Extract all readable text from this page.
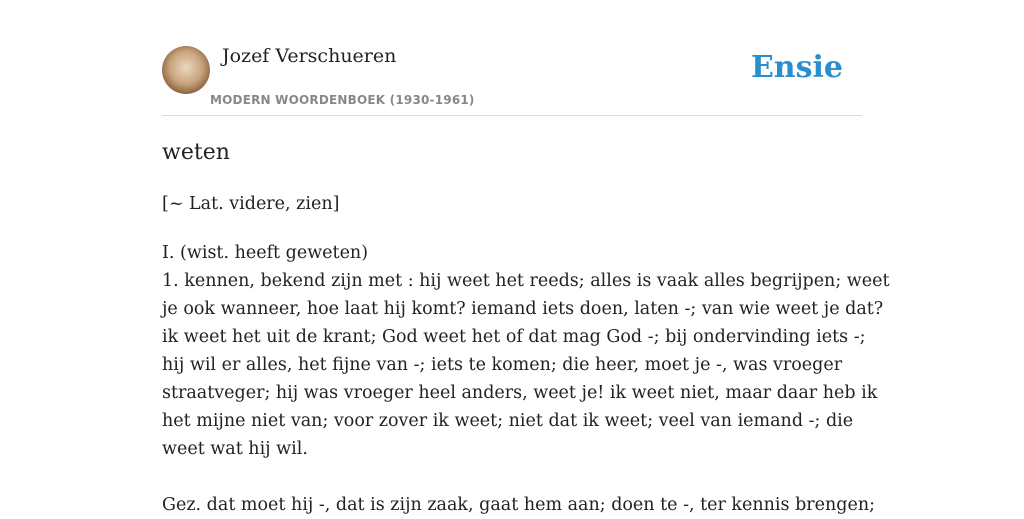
Jozef Verschueren
MODERN WOORDENBOEK (1930-1961)
Ensie
weten
[~ Lat. videre, zien]
I. (wist. heeft geweten)
1. kennen, bekend zijn met : hij weet het reeds; alles is vaak alles begrijpen; weet
je ook wanneer, hoe laat hij komt? iemand iets doen, laten -; van wie weet je dat?
ik weet het uit de krant; God weet het of dat mag God -; bij ondervinding iets -;
hij wil er alles, het fijne van -; iets te komen; die heer, moet je -, was vroeger
straatveger; hij was vroeger heel anders, weet je! ik weet niet, maar daar heb ik
het mijne niet van; voor zover ik weet; niet dat ik weet; veel van iemand -; die
weet wat hij wil.
Gez. dat moet hij -, dat is zijn zaak, gaat hem aan; doen te -, ter kennis brengen;
